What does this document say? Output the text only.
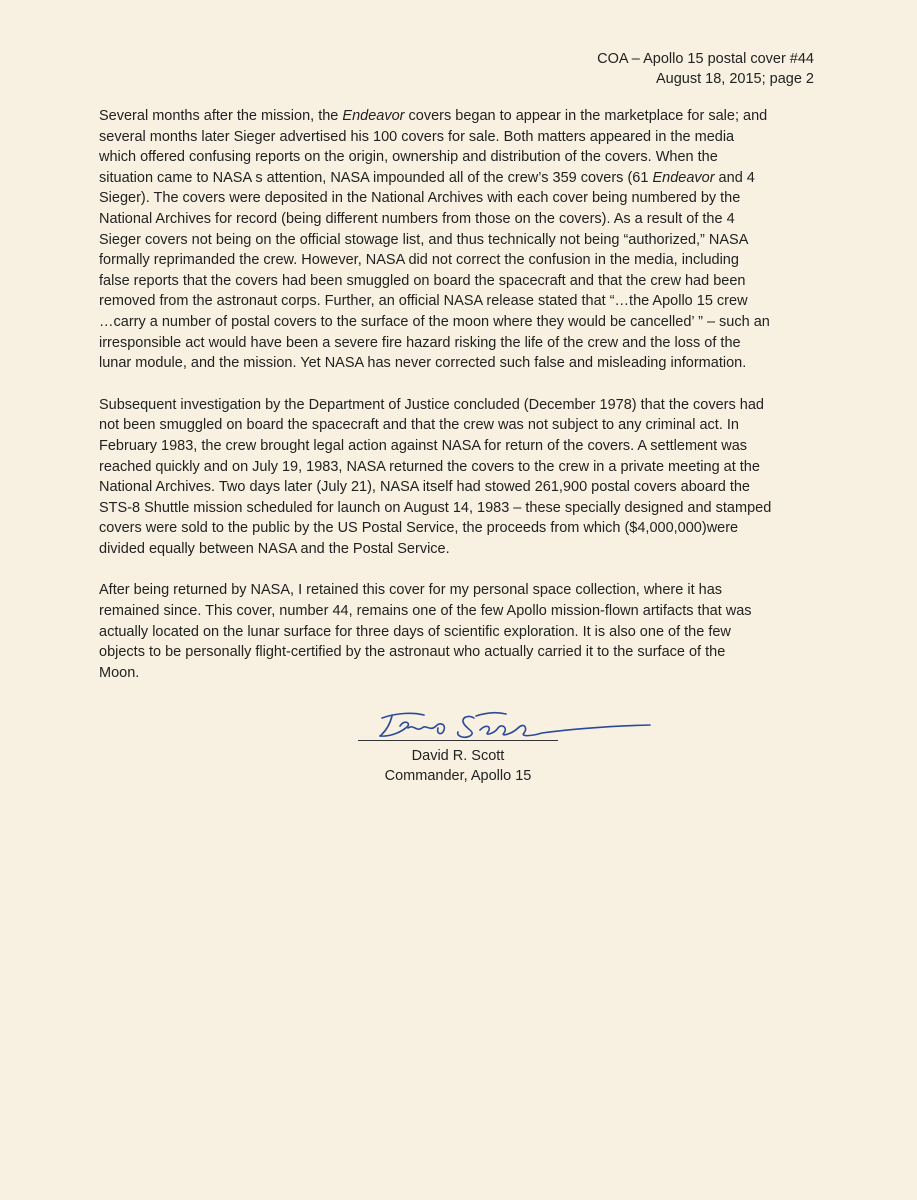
COA – Apollo 15 postal cover #44
August 18, 2015; page 2
Several months after the mission, the Endeavor covers began to appear in the marketplace for sale; and
several months later Sieger advertised his 100 covers for sale. Both matters appeared in the media
which offered confusing reports on the origin, ownership and distribution of the covers. When the
situation came to NASA s attention, NASA impounded all of the crew’s 359 covers (61 Endeavor and 4
Sieger). The covers were deposited in the National Archives with each cover being numbered by the
National Archives for record (being different numbers from those on the covers). As a result of the 4
Sieger covers not being on the official stowage list, and thus technically not being “authorized,” NASA
formally reprimanded the crew. However, NASA did not correct the confusion in the media, including
false reports that the covers had been smuggled on board the spacecraft and that the crew had been
removed from the astronaut corps. Further, an official NASA release stated that “…the Apollo 15 crew
…carry a number of postal covers to the surface of the moon where they would be cancelled’ ” – such an
irresponsible act would have been a severe fire hazard risking the life of the crew and the loss of the
lunar module, and the mission. Yet NASA has never corrected such false and misleading information.
Subsequent investigation by the Department of Justice concluded (December 1978) that the covers had
not been smuggled on board the spacecraft and that the crew was not subject to any criminal act. In
February 1983, the crew brought legal action against NASA for return of the covers. A settlement was
reached quickly and on July 19, 1983, NASA returned the covers to the crew in a private meeting at the
National Archives. Two days later (July 21), NASA itself had stowed 261,900 postal covers aboard the
STS-8 Shuttle mission scheduled for launch on August 14, 1983 – these specially designed and stamped
covers were sold to the public by the US Postal Service, the proceeds from which ($4,000,000)were
divided equally between NASA and the Postal Service.
After being returned by NASA, I retained this cover for my personal space collection, where it has
remained since. This cover, number 44, remains one of the few Apollo mission-flown artifacts that was
actually located on the lunar surface for three days of scientific exploration. It is also one of the few
objects to be personally flight-certified by the astronaut who actually carried it to the surface of the
Moon.
David R. Scott
Commander, Apollo 15
